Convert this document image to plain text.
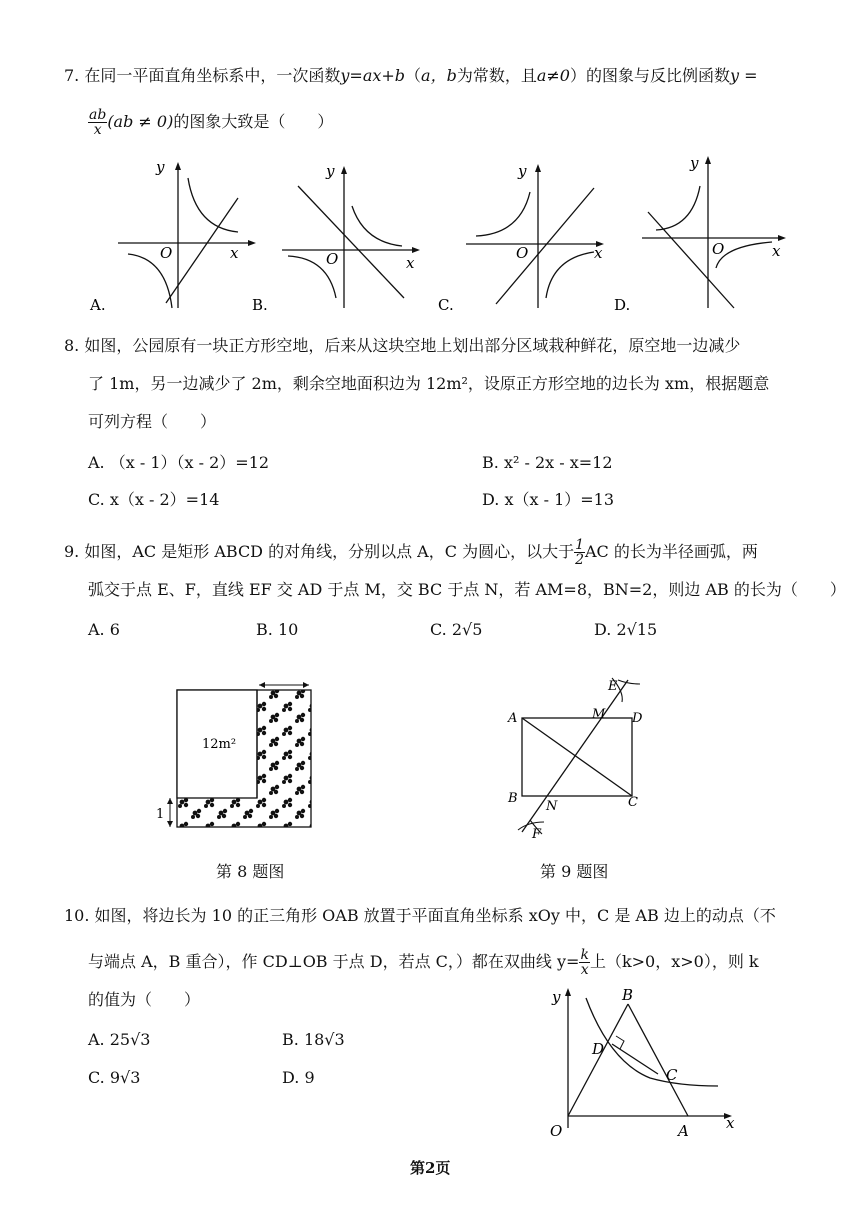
7. 在同一平面直角坐标系中，一次函数y=ax+b（a，b为常数，且a≠0）的图象与反比例函数y =
$\frac{ab}{x} (ab \ne 0)$的图象大致是（　　）
y
x
O
A.
y
x
O
B.
y
x
O
C.
y
x
O
D.
8. 如图，公园原有一块正方形空地，后来从这块空地上划出部分区域栽种鲜花，原空地一边减少
了 1m，另一边减少了 2m，剩余空地面积边为 12m²，设原正方形空地的边长为 xm，根据题意
可列方程（　　）
A. （x - 1）（x - 2）=12	B. x² - 2x - x=12
C. x（x - 2）=14	D. x（x - 1）=13
9. 如图，AC 是矩形 ABCD 的对角线，分别以点 A，C 为圆心，以大于 $\frac{1}{2}$ AC 的长为半径画弧，两
弧交于点 E、F，直线 EF 交 AD 于点 M，交 BC 于点 N，若 AM=8，BN=2，则边 AB 的长为（　　）
A. 6	B. 10	C. 2√5	D. 2√15
12m²
1
第 8 题图
A
B	C
D
E
F
M
N
第 9 题图
10. 如图，将边长为 10 的正三角形 OAB 放置于平面直角坐标系 xOy 中，C 是 AB 边上的动点（不
与端点 A，B 重合），作 CD⊥OB 于点 D，若点 C，）都在双曲线 $y= \frac{k}{x}$ 上（k>0，x>0），则 k
的值为（　　）
A. 25√3	B. 18√3
C. 9√3	D. 9
y
x
O	A
B
C
D
第2页
